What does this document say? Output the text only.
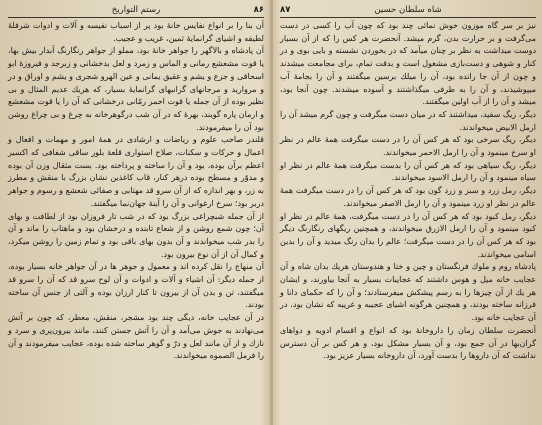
۸۶
رستم التواريخ

آن بنا را بر انواع نفايس خانهٔ بود پر از اسباب نفيسه و آلات و ادوات شرفلهٔ لطيفه و اشياى گرانمايهٔ ثمين، غريب و عجيب.

آن پادشاه و بالاگهر را جواهر خانهٔ بود، مملو از جواهر رنگارنگ آبدار بيش بها، يا قوت مشعشع رمانى و الماس و زمرد و لعل بدخشانى و زبرجد و فيروزهٔ ابو اسحاقى و جزع و يشم و عقيق يمانى و عين الهرو شجرى و يشم و اوراق و در و مرواريد و مرجانهاى گرانبهاى گرانمايهٔ بسيار، كه هريك عديم المثال و بى نظير بوده از آن جمله يا قوت احمر رمّانى درخشانى كه آن را يا قوت مشعشع و ارمان پاره گويند، بهرهٔ كه در آن شب درگوهرخانه به چرغ و بى چراغ روشن بود آن را ميفرمودند.

قلندر صاحب علوم و رياضات و ارشادى در همهٔ امور و مهمات و افعال و اعمال و حركات و سكنات، صلاح استوارى قلعهٔ بلور ساقى شفافى كه اكسير اعظم برآن بوده، بود و آن را ساخته و پرداخته بود. بست مثقال وزن آن بوده و مدوّر و مسطح بوده درهر كنار، قاب كاغذين نشان بزرگ با منقش و مطرز به زر، و بهر اندازه كه از آن سرو قد مهتابى و صفائى شعشع و رسوم و جواهر دربر بود؛ سرخ ارغوانى و آن را آينهٔ جهان‌نما ميگفتند.

از آن جمله شبچراغى بزرگ بود كه در شب تار فروزان بود از لطافت و بهاى آن؛ چون شمع روشن و از شعاع تابنده و درخشان بود و ماهتاب را ماند و آن را بدر شب ميخواندند و آن بدون بهاى باقى بود و تمام زمين را روشن ميكرد، و كمال آن از آن نوع بيرون بود.

آن منهاج را نقل كرده اند و معمول و جوهر ها در آن جواهر خانه بسيار بوده، از جمله ديگر: آن اشياء و آلات و ادوات و آن لوح سرو قد كه آن را سرو قد ميگفتند، تن و بدن آن از بيرون تا كنار ارزان بوده و آلتى از جنس آن ساخته بودند.

در آن عجايب خانه، ديگى چند بود مشجر، منقش، معطر، كه چون بر آتش مى‌نهادند به جوش مى‌آمد و آن را آتش جستن كنند، مانند بيرون‌پرى و سرد و نازك و از آن مانند لعل و درّ و گوهر ساخته شده بوده، عجايب ميفرمودند و آن را فرمل الصموه ميخواندند.

شاه سلطان حسين
۸۷

نيز بر سر گاه موزون خوش نمائى چند بود كه چون آب را كسى در دست مى‌گرفت و بر حرارت بدن، گرم ميشد. آنحضرت هر كس را كه از آن بسيار دوست ميداشت به نظر بر چنان ميآمد كه در بخوردن نشسته و بايى بوى و در كنار و شوهى و دست‌بازى مشغول است و بدقت تمام، براى مجامعت ميشدند و چون از آن جا رانده بود، آن را ميلك برسين ميگفتند و آن را بجامهٔ آب ميپوشيدند، و آن را به طرفى ميگذاشتند و آسوده ميشدند. چون آنجا بود، ميشد و آن را از آب اولين ميگفتند.

ديگر، ريگ سفيد، ميداشتند كه در ميان دست ميگرفت و چون گرم ميشد آن را ارمل الابيض ميخواندند.

ديگر، ريگ سرخى بود كه هر كس آن را در دست ميگرفت همهٔ عالم در نظر او سرخ مينمود و آن را ارمل الاحمر ميخواندند.

ديگر، ريگ سياهى بود كه هر كس آن را بدست ميگرفت همهٔ عالم در نظر او سياه مينمود و آن را ارمل الاسود ميخواندند.

ديگر، رمل زرد و سبز و زرد گون بود كه هر كس آن را در دست ميگرفت همهٔ عالم در نظر او زرد مينمود و آن را ارمل الاصفر ميخواندند.

ديگر، رمل كبود بود كه هر كس آن را در دست ميگرفت، همهٔ عالم در نظر او كبود مينمود و آن را ارمل الازرق ميخواندند، و همچنين ريگهاى رنگارنگ ديگر بود كه هر كس آن را در دست ميگرفت؛ عالم را بدان رنگ ميديد و آن را بدين اسامى ميخواندند.

پادشاه روم و ملوك فرنگستان و چين و ختا و هندوستان هريك بدان شاه و آن عجايب خانه ميل و هوس داشتند كه عجايبات بسيار به آنجا بياورند، و ايشان هر يك از آن چيزها را به رسم پيشكش ميفرستادند؛ و آن را كه حكماى دانا و فرزانه ساخته بودند، و همچنين هرگونه اشياى عجيبه و غريبه كه نشان بود، در آن عجايب خانه بود.

آنحضرت سلطان زمان را داروخانهٔ بود كه انواع و اقسام ادويه و دواهاى گران‌بها در آن جمع بود، و آن بسيار مشكل بود، و هر كس بر آن دسترس نداشت كه آن داروها را بدست آورد، آن داروخانه بسيار عزيز بود.
